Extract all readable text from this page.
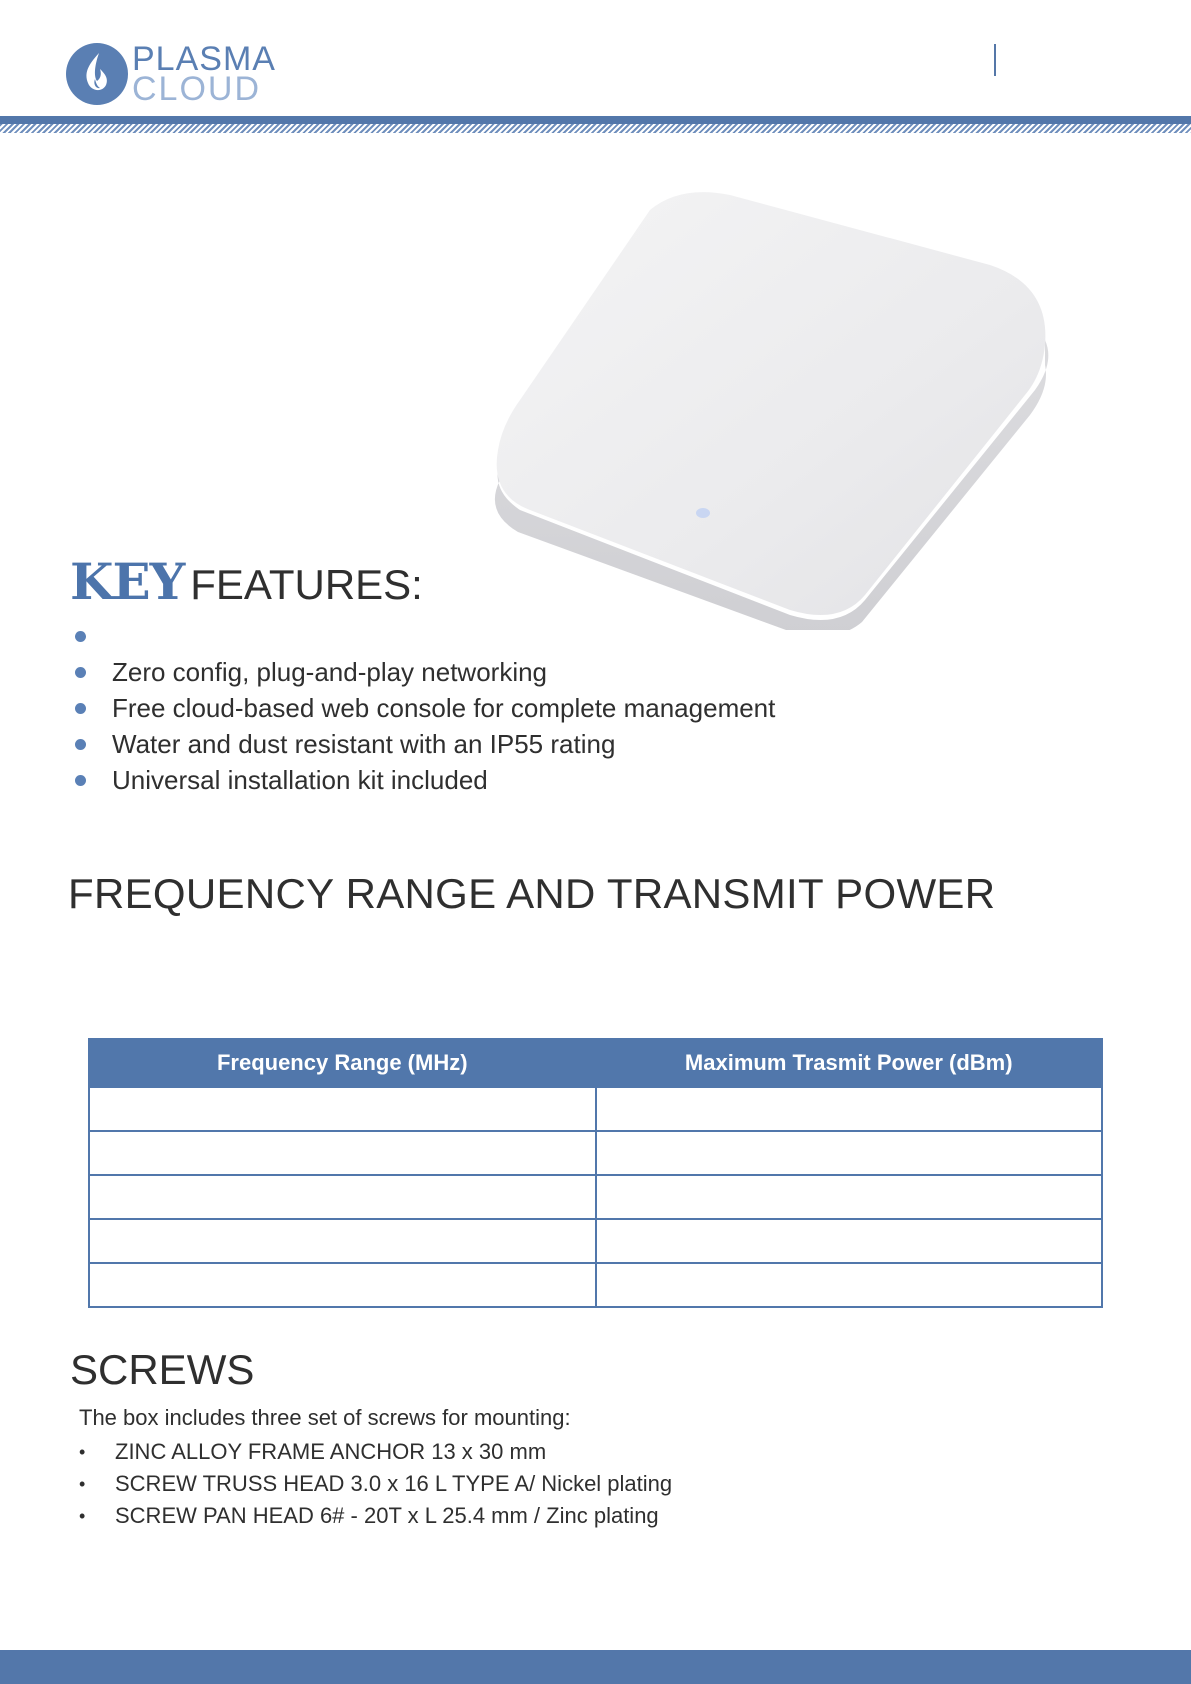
PLASMA
CLOUD
KEY FEATURES:
Zero config, plug-and-play networking
Free cloud-based web console for complete management
Water and dust resistant with an IP55 rating
Universal installation kit included
FREQUENCY RANGE AND TRANSMIT POWER
Frequency Range (MHz)	Maximum Trasmit Power (dBm)

SCREWS
The box includes three set of screws for mounting:
• ZINC ALLOY FRAME ANCHOR 13 x 30 mm
• SCREW TRUSS HEAD 3.0 x 16 L TYPE A/ Nickel plating
• SCREW PAN HEAD 6# - 20T x L 25.4 mm / Zinc plating
